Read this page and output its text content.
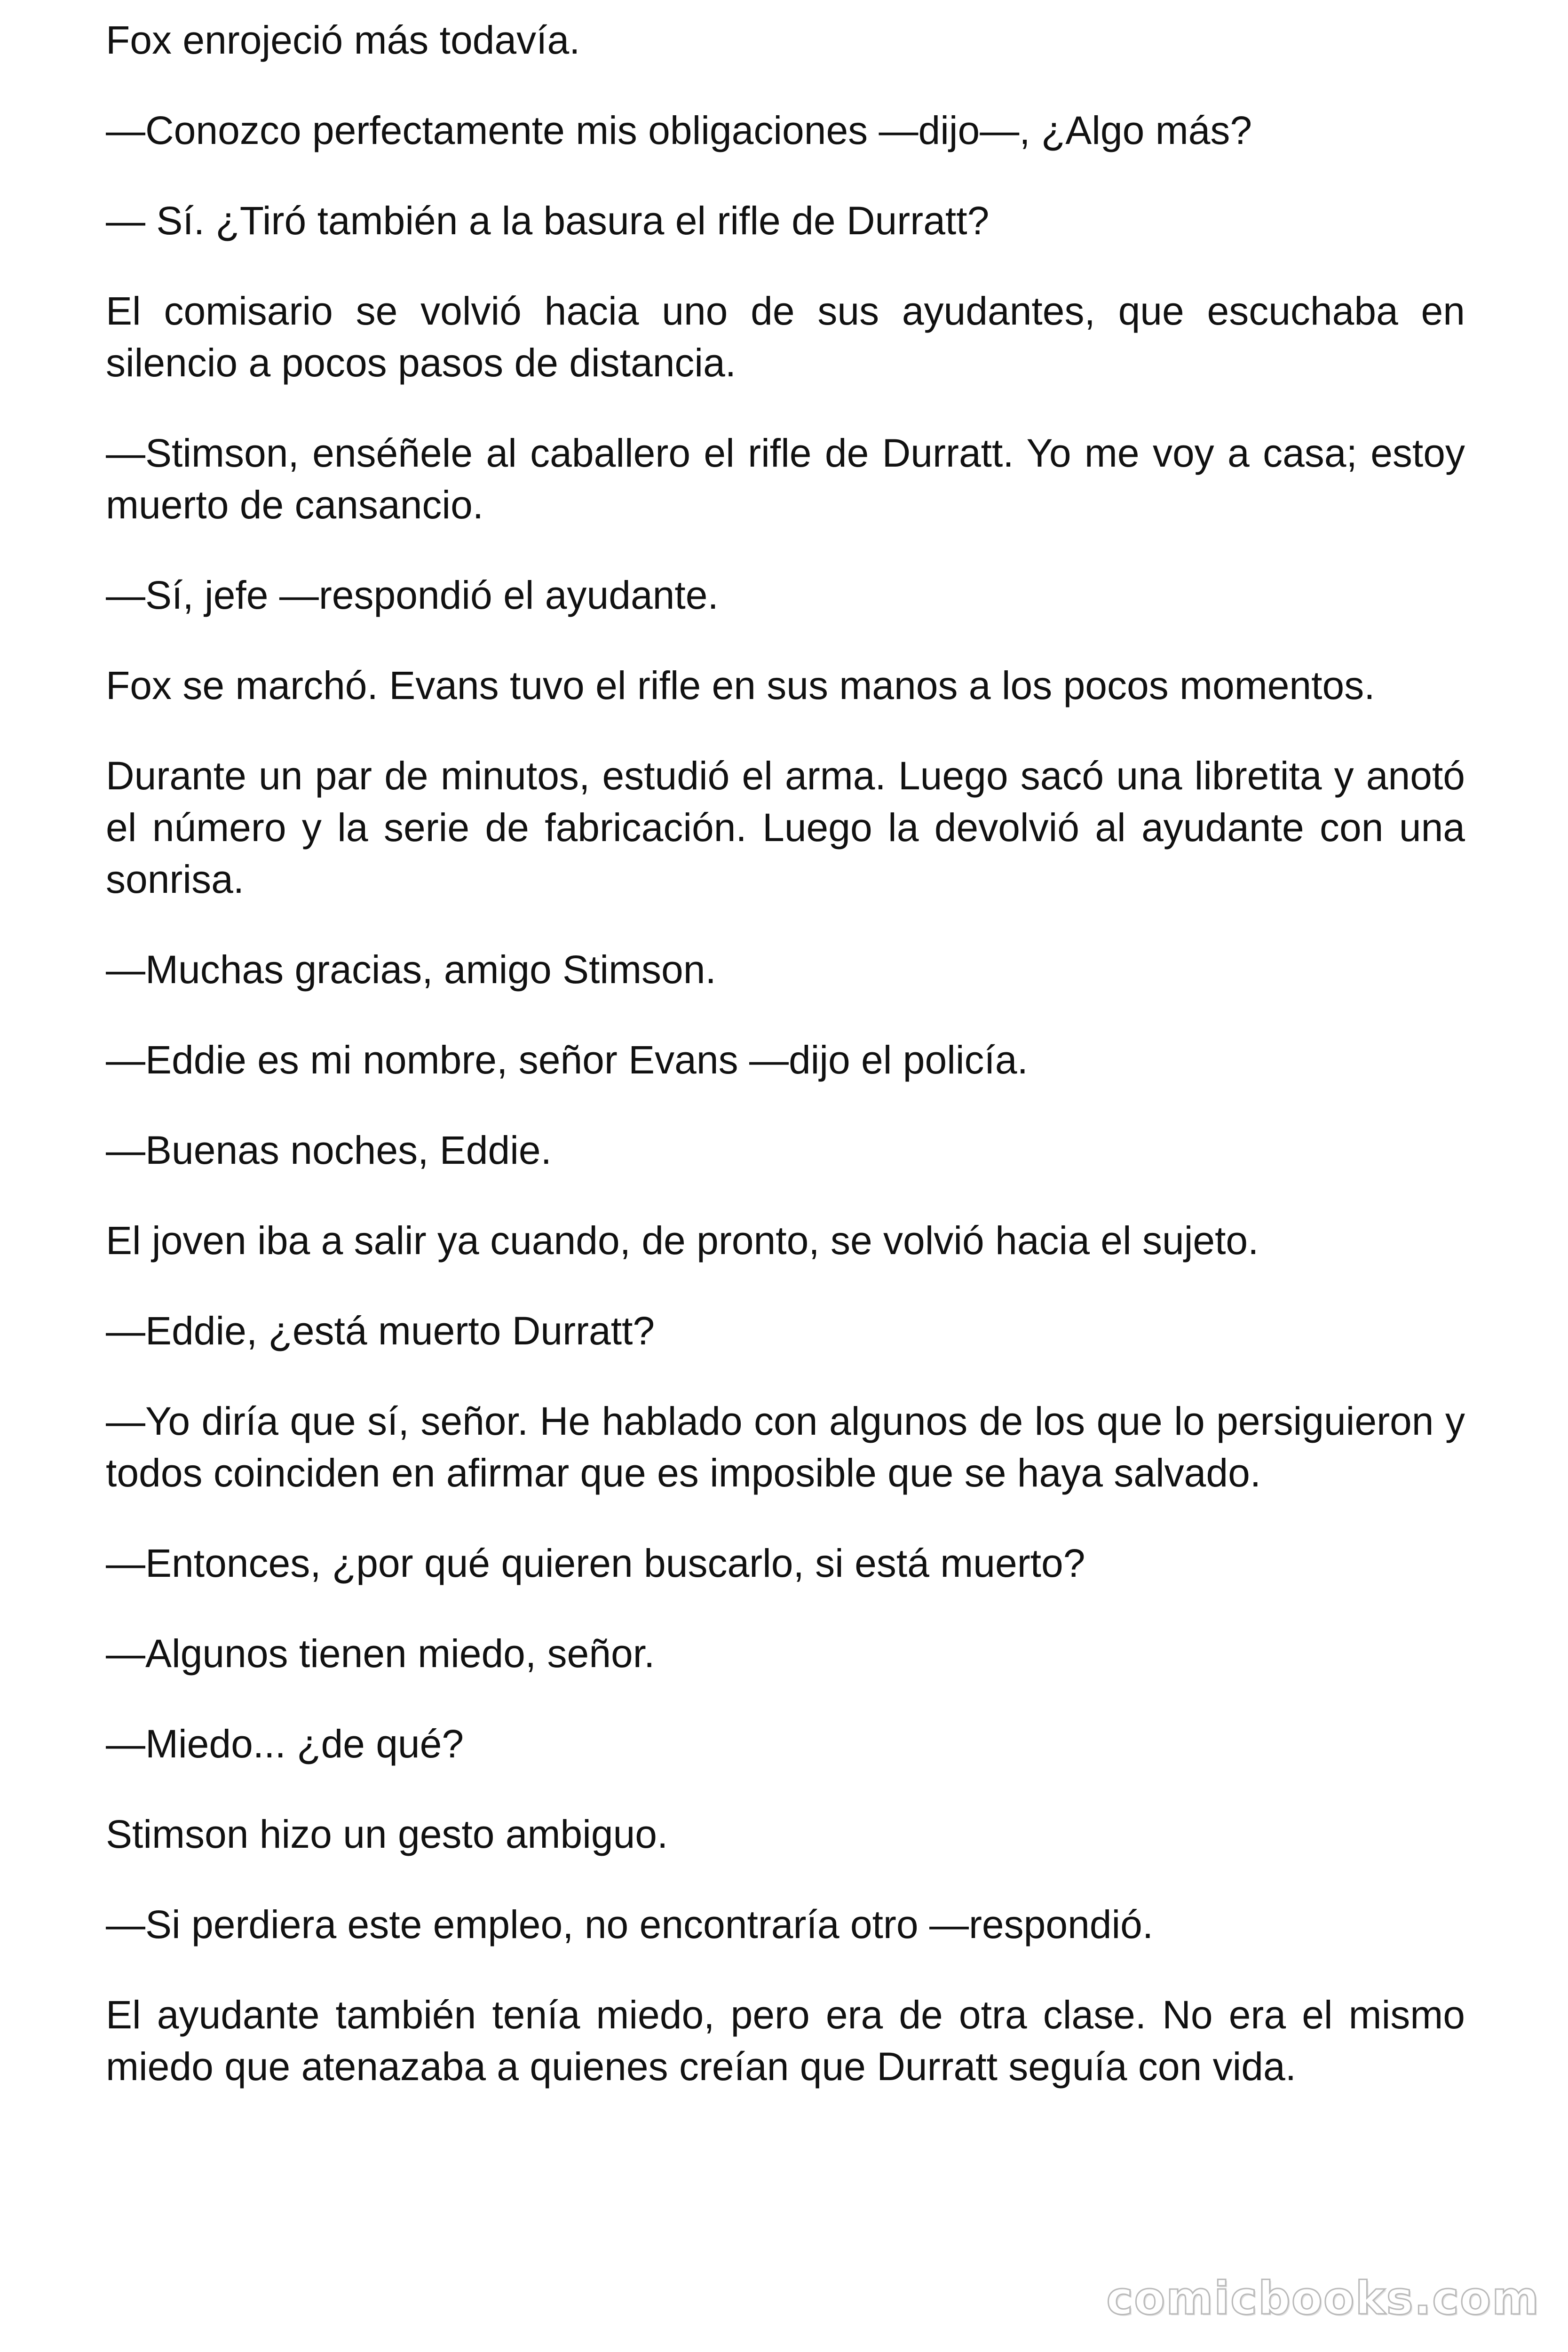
Fox enrojeció más todavía.

—Conozco perfectamente mis obligaciones —dijo—, ¿Algo más?

— Sí. ¿Tiró también a la basura el rifle de Durratt?

El comisario se volvió hacia uno de sus ayudantes, que escuchaba en silencio a pocos pasos de distancia.

—Stimson, enséñele al caballero el rifle de Durratt. Yo me voy a casa; estoy muerto de cansancio.

—Sí, jefe —respondió el ayudante.

Fox se marchó. Evans tuvo el rifle en sus manos a los pocos momentos.

Durante un par de minutos, estudió el arma. Luego sacó una libretita y anotó el número y la serie de fabricación. Luego la devolvió al ayudante con una sonrisa.

—Muchas gracias, amigo Stimson.

—Eddie es mi nombre, señor Evans —dijo el policía.

—Buenas noches, Eddie.

El joven iba a salir ya cuando, de pronto, se volvió hacia el sujeto.

—Eddie, ¿está muerto Durratt?

—Yo diría que sí, señor. He hablado con algunos de los que lo persiguieron y todos coinciden en afirmar que es imposible que se haya salvado.

—Entonces, ¿por qué quieren buscarlo, si está muerto?

—Algunos tienen miedo, señor.

—Miedo... ¿de qué?

Stimson hizo un gesto ambiguo.

—Si perdiera este empleo, no encontraría otro —respondió.

El ayudante también tenía miedo, pero era de otra clase. No era el mismo miedo que atenazaba a quienes creían que Durratt seguía con vida.

comicbooks.com
